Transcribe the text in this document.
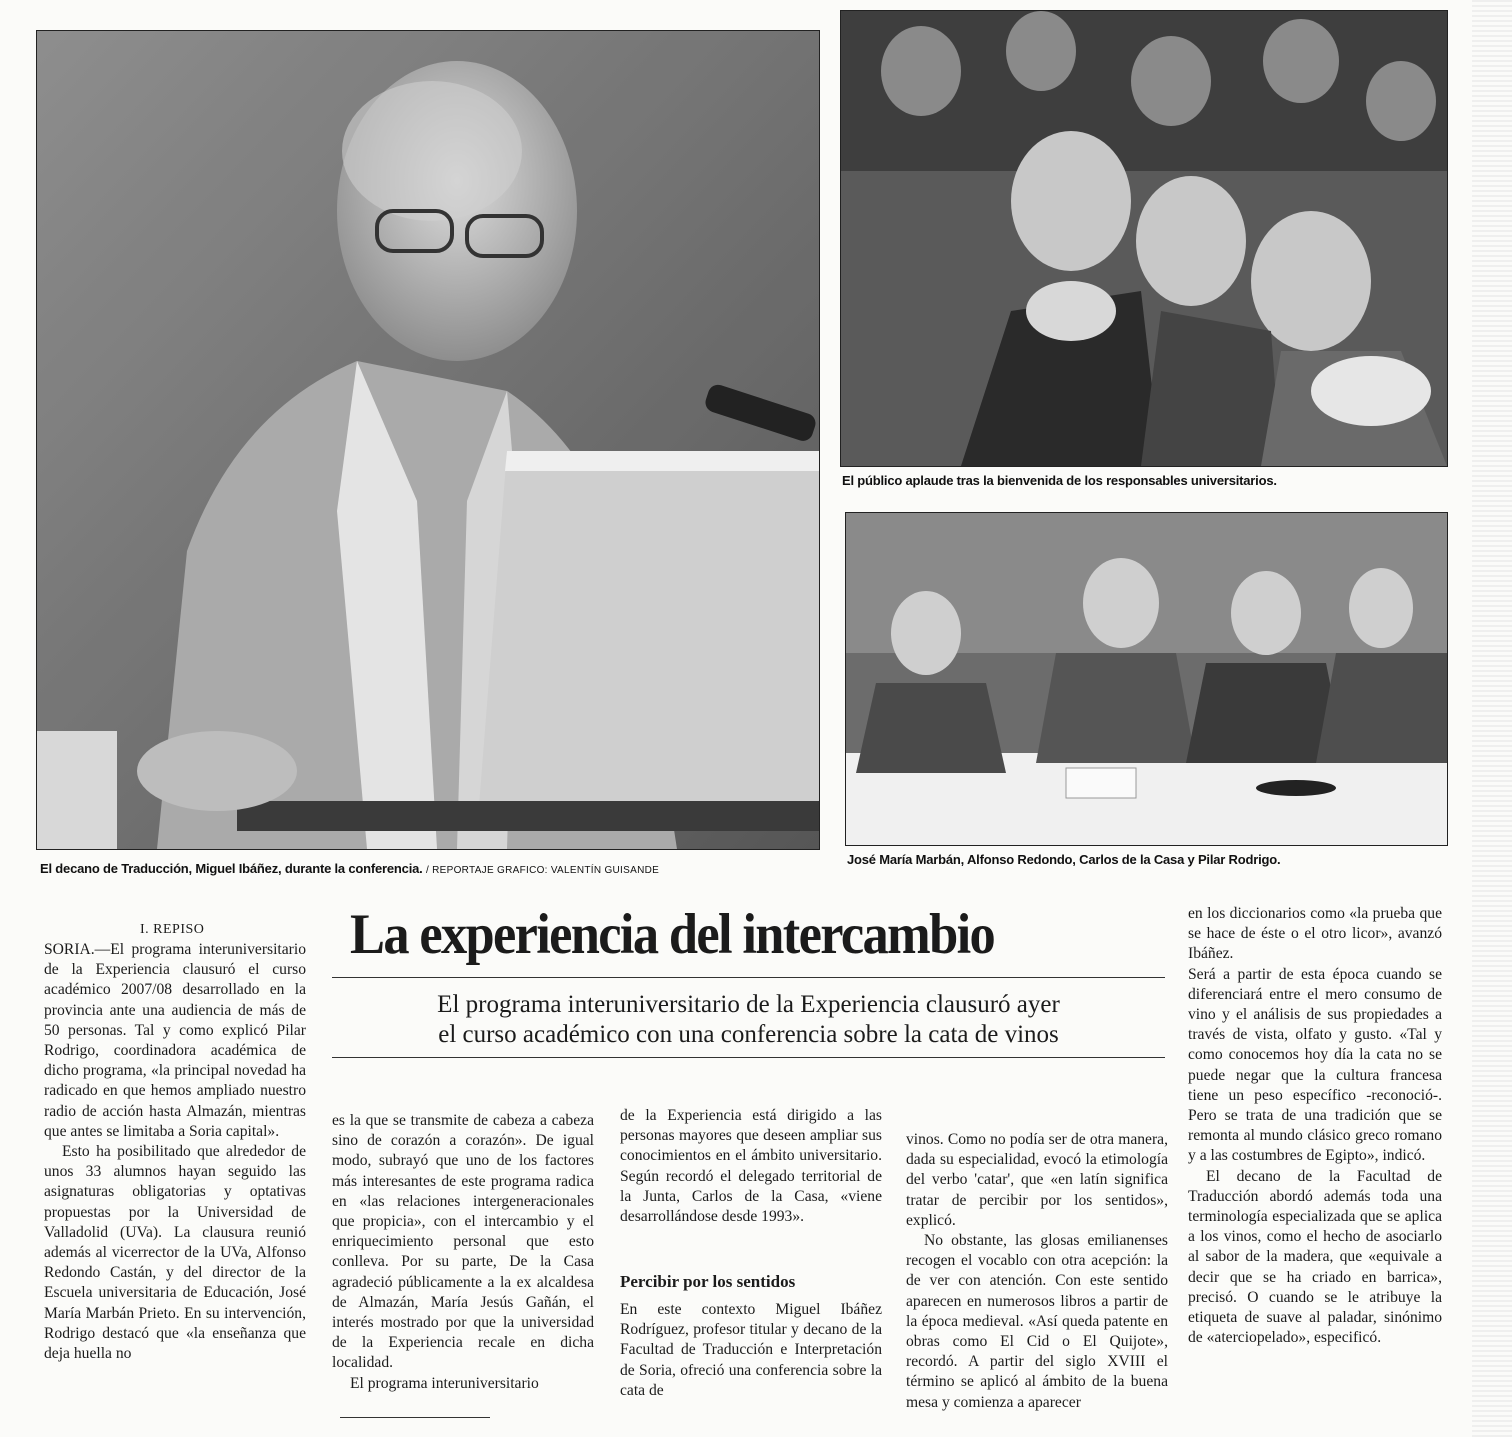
El decano de Traducción, Miguel Ibáñez, durante la conferencia. / REPORTAJE GRAFICO: VALENTÍN GUISANDE
El público aplaude tras la bienvenida de los responsables universitarios.
José María Marbán, Alfonso Redondo, Carlos de la Casa y Pilar Rodrigo.
I. REPISO	La experiencia del intercambio
El programa interuniversitario de la Experiencia clausuró ayer
el curso académico con una conferencia sobre la cata de vinos

SORIA.—El programa interuniversitario de la Experiencia clausuró el curso académico 2007/08 desarrollado en la provincia ante una audiencia de más de 50 personas. Tal y como explicó Pilar Rodrigo, coordinadora académica de dicho programa, «la principal novedad ha radicado en que hemos ampliado nuestro radio de acción hasta Almazán, mientras que antes se limitaba a Soria capital».

Esto ha posibilitado que alrededor de unos 33 alumnos hayan seguido las asignaturas obligatorias y optativas propuestas por la Universidad de Valladolid (UVa). La clausura reunió además al vicerrector de la UVa, Alfonso Redondo Castán, y del director de la Escuela universitaria de Educación, José María Marbán Prieto. En su intervención, Rodrigo destacó que «la enseñanza que deja huella no

es la que se transmite de cabeza a cabeza sino de corazón a corazón». De igual modo, subrayó que uno de los factores más interesantes de este programa radica en «las relaciones intergeneracionales que propicia», con el intercambio y el enriquecimiento personal que esto conlleva. Por su parte, De la Casa agradeció públicamente a la ex alcaldesa de Almazán, María Jesús Gañán, el interés mostrado por que la universidad de la Experiencia recale en dicha localidad.

El programa interuniversitario

de la Experiencia está dirigido a las personas mayores que deseen ampliar sus conocimientos en el ámbito universitario. Según recordó el delegado territorial de la Junta, Carlos de la Casa, «viene desarrollándose desde 1993».

Percibir por los sentidos

En este contexto Miguel Ibáñez Rodríguez, profesor titular y decano de la Facultad de Traducción e Interpretación de Soria, ofreció una conferencia sobre la cata de

vinos. Como no podía ser de otra manera, dada su especialidad, evocó la etimología del verbo 'catar', que «en latín significa tratar de percibir por los sentidos», explicó.

No obstante, las glosas emilianenses recogen el vocablo con otra acepción: la de ver con atención. Con este sentido aparecen en numerosos libros a partir de la época medieval. «Así queda patente en obras como El Cid o El Quijote», recordó. A partir del siglo XVIII el término se aplicó al ámbito de la buena mesa y comienza a aparecer

en los diccionarios como «la prueba que se hace de éste o el otro licor», avanzó Ibáñez.

Será a partir de esta época cuando se diferenciará entre el mero consumo de vino y el análisis de sus propiedades a través de vista, olfato y gusto. «Tal y como conocemos hoy día la cata no se puede negar que la cultura francesa tiene un peso específico -reconoció-. Pero se trata de una tradición que se remonta al mundo clásico greco romano y a las costumbres de Egipto», indicó.

El decano de la Facultad de Traducción abordó además toda una terminología especializada que se aplica a los vinos, como el hecho de asociarlo al sabor de la madera, que «equivale a decir que se ha criado en barrica», precisó. O cuando se le atribuye la etiqueta de suave al paladar, sinónimo de «aterciopelado», especificó.
